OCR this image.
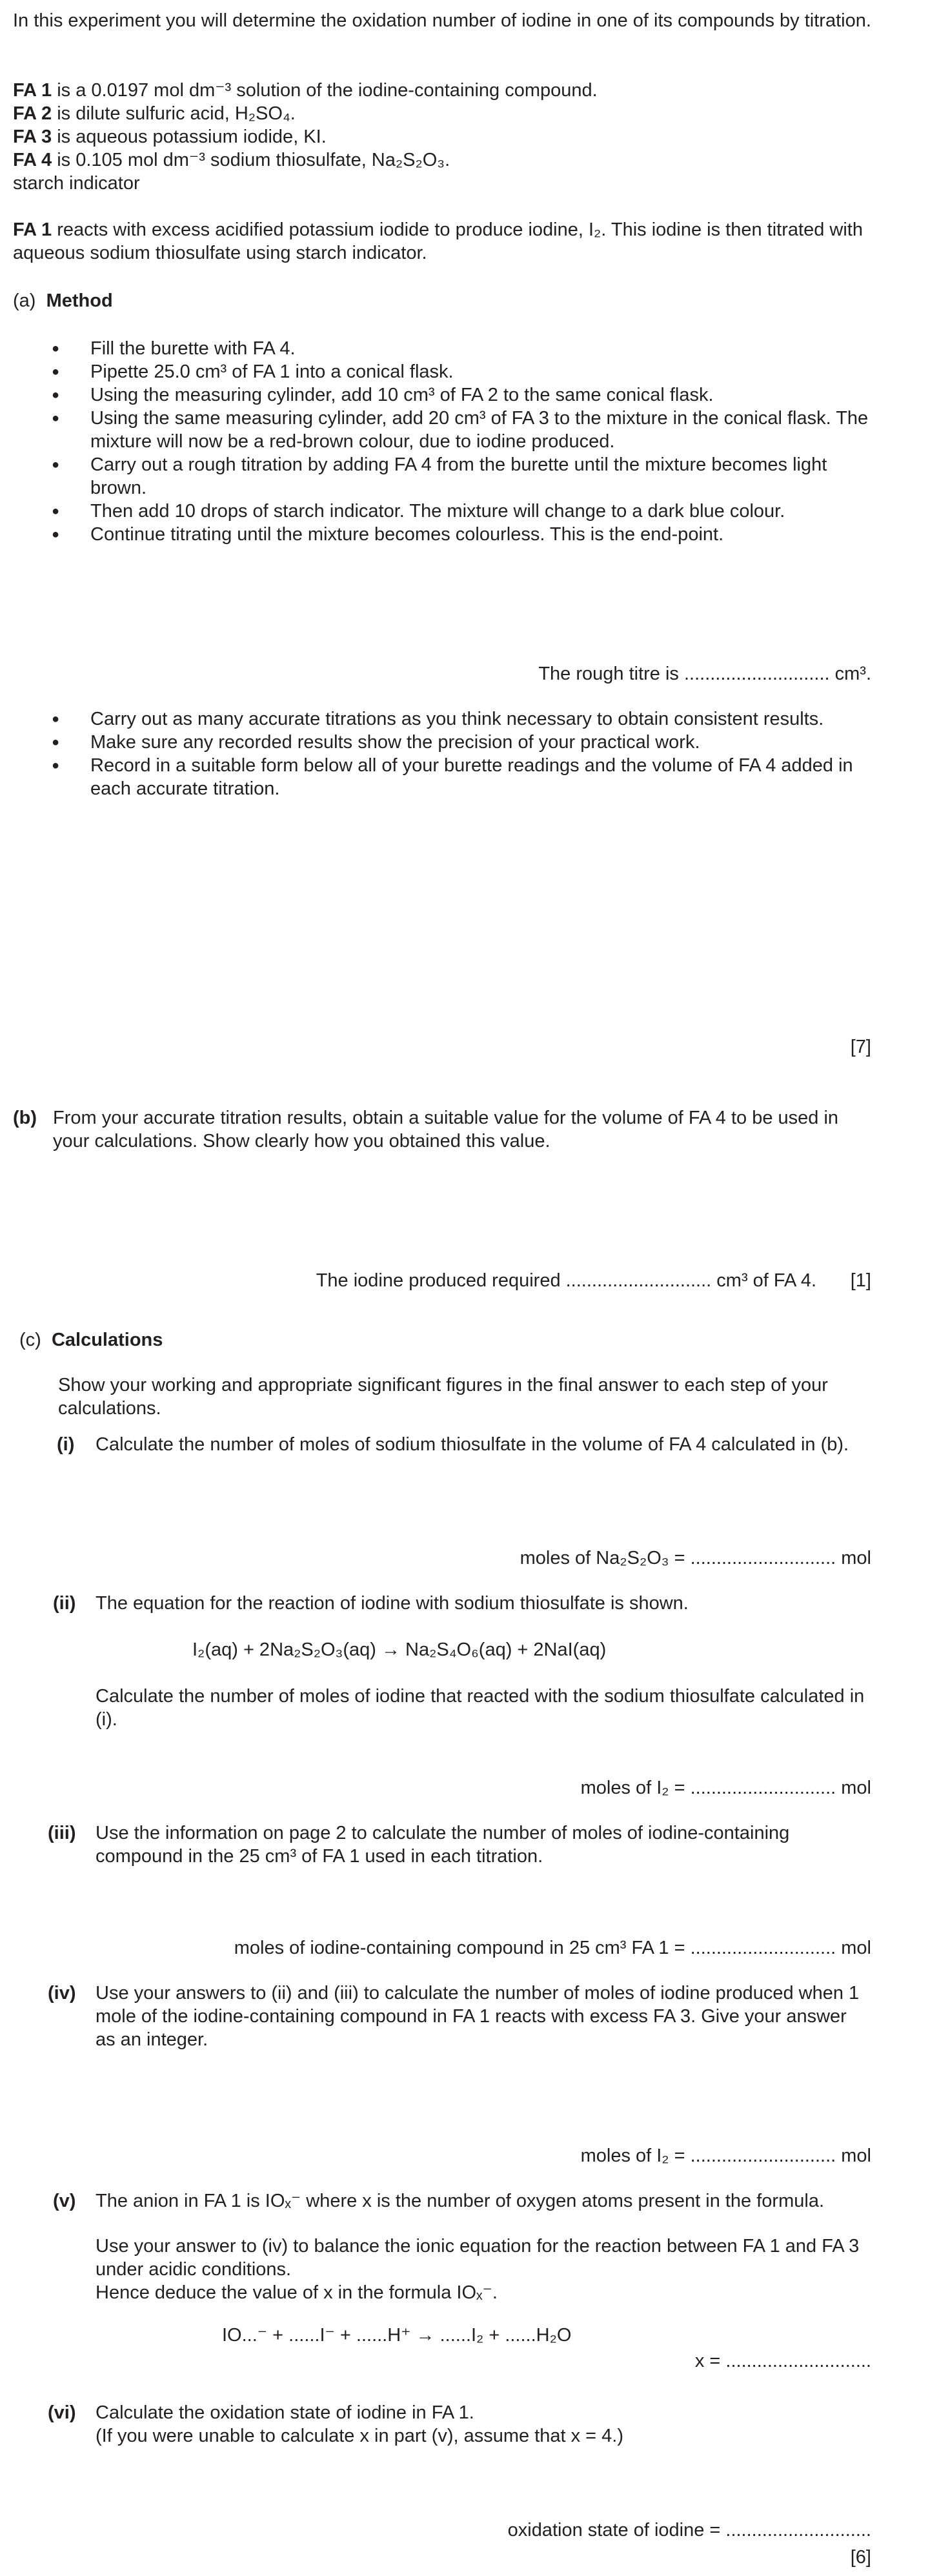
In this experiment you will determine the oxidation number of iodine in one of its compounds by titration.

FA 1 is a 0.0197 mol dm⁻³ solution of the iodine-containing compound.

FA 2 is dilute sulfuric acid, H₂SO₄.

FA 3 is aqueous potassium iodide, KI.

FA 4 is 0.105 mol dm⁻³ sodium thiosulfate, Na₂S₂O₃.

starch indicator

FA 1 reacts with excess acidified potassium iodide to produce iodine, I₂. This iodine is then titrated with aqueous sodium thiosulfate using starch indicator.

(a) Method

● Fill the burette with FA 4.

● Pipette 25.0 cm³ of FA 1 into a conical flask.

● Using the measuring cylinder, add 10 cm³ of FA 2 to the same conical flask.

● Using the same measuring cylinder, add 20 cm³ of FA 3 to the mixture in the conical flask. The mixture will now be a red-brown colour, due to iodine produced.

● Carry out a rough titration by adding FA 4 from the burette until the mixture becomes light brown.

● Then add 10 drops of starch indicator. The mixture will change to a dark blue colour.

● Continue titrating until the mixture becomes colourless. This is the end-point.

The rough titre is ............................ cm³.

● Carry out as many accurate titrations as you think necessary to obtain consistent results.

● Make sure any recorded results show the precision of your practical work.

● Record in a suitable form below all of your burette readings and the volume of FA 4 added in each accurate titration.

[7]
(b) From your accurate titration results, obtain a suitable value for the volume of FA 4 to be used in your calculations. Show clearly how you obtained this value.
The iodine produced required ............................ cm³ of FA 4. [1]
(c) Calculations
Show your working and appropriate significant figures in the final answer to each step of your calculations.
(i) Calculate the number of moles of sodium thiosulfate in the volume of FA 4 calculated in (b).
moles of Na₂S₂O₃ = ............................ mol
(ii) The equation for the reaction of iodine with sodium thiosulfate is shown.
I₂(aq) + 2Na₂S₂O₃(aq) → Na₂S₄O₆(aq) + 2NaI(aq)
Calculate the number of moles of iodine that reacted with the sodium thiosulfate calculated in (i).
moles of I₂ = ............................ mol
(iii) Use the information on page 2 to calculate the number of moles of iodine-containing compound in the 25 cm³ of FA 1 used in each titration.
moles of iodine-containing compound in 25 cm³ FA 1 = ............................ mol
(iv) Use your answers to (ii) and (iii) to calculate the number of moles of iodine produced when 1 mole of the iodine-containing compound in FA 1 reacts with excess FA 3. Give your answer as an integer.
moles of I₂ = ............................ mol
(v) The anion in FA 1 is IOₓ⁻ where x is the number of oxygen atoms present in the formula.

Use your answer to (iv) to balance the ionic equation for the reaction between FA 1 and FA 3 under acidic conditions.

Hence deduce the value of x in the formula IOₓ⁻.

IO...⁻ + ......I⁻ + ......H⁺ → ......I₂ + ......H₂O
x = ............................
(vi) Calculate the oxidation state of iodine in FA 1.

(If you were unable to calculate x in part (v), assume that x = 4.)

oxidation state of iodine = ............................
[6]
